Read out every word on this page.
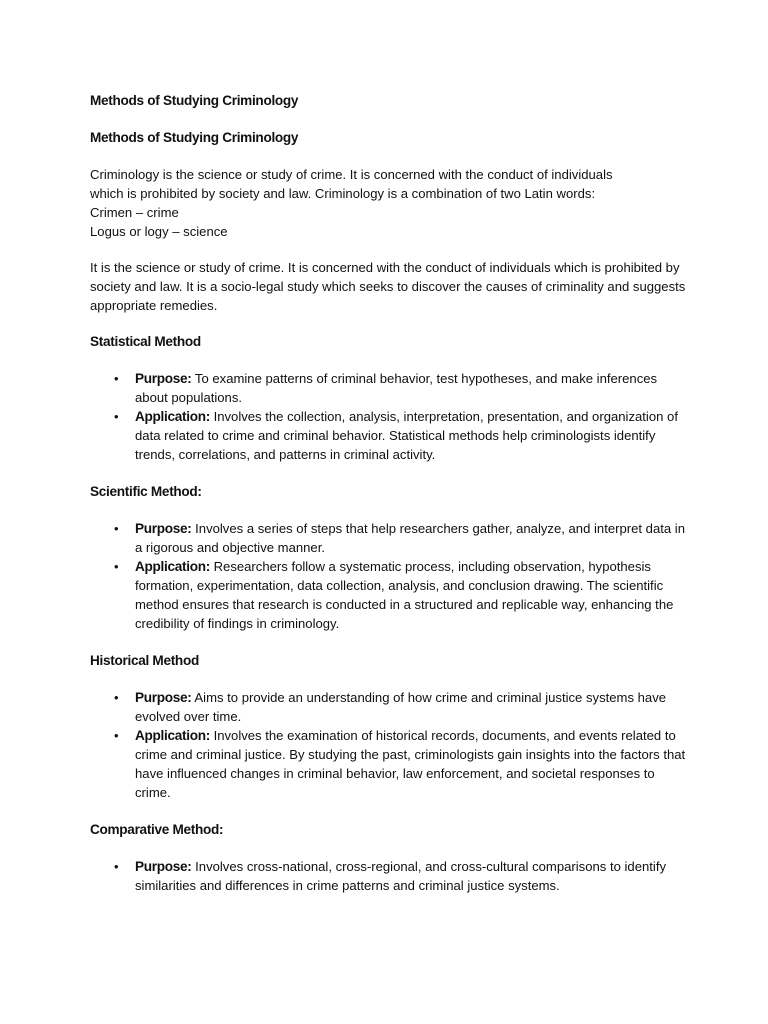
Methods of Studying Criminology
Methods of Studying Criminology

Criminology is the science or study of crime. It is concerned with the conduct of individuals
which is prohibited by society and law. Criminology is a combination of two Latin words:
Crimen – crime
Logus or logy – science

It is the science or study of crime. It is concerned with the conduct of individuals which is prohibited by society and law. It is a socio-legal study which seeks to discover the causes of criminality and suggests appropriate remedies.

Statistical Method
• Purpose: To examine patterns of criminal behavior, test hypotheses, and make inferences about populations.
• Application: Involves the collection, analysis, interpretation, presentation, and organization of data related to crime and criminal behavior. Statistical methods help criminologists identify trends, correlations, and patterns in criminal activity.
Scientific Method:
• Purpose: Involves a series of steps that help researchers gather, analyze, and interpret data in a rigorous and objective manner.
• Application: Researchers follow a systematic process, including observation, hypothesis formation, experimentation, data collection, analysis, and conclusion drawing. The scientific method ensures that research is conducted in a structured and replicable way, enhancing the credibility of findings in criminology.
Historical Method
• Purpose: Aims to provide an understanding of how crime and criminal justice systems have evolved over time.
• Application: Involves the examination of historical records, documents, and events related to crime and criminal justice. By studying the past, criminologists gain insights into the factors that have influenced changes in criminal behavior, law enforcement, and societal responses to crime.
Comparative Method:
• Purpose: Involves cross-national, cross-regional, and cross-cultural comparisons to identify similarities and differences in crime patterns and criminal justice systems.
